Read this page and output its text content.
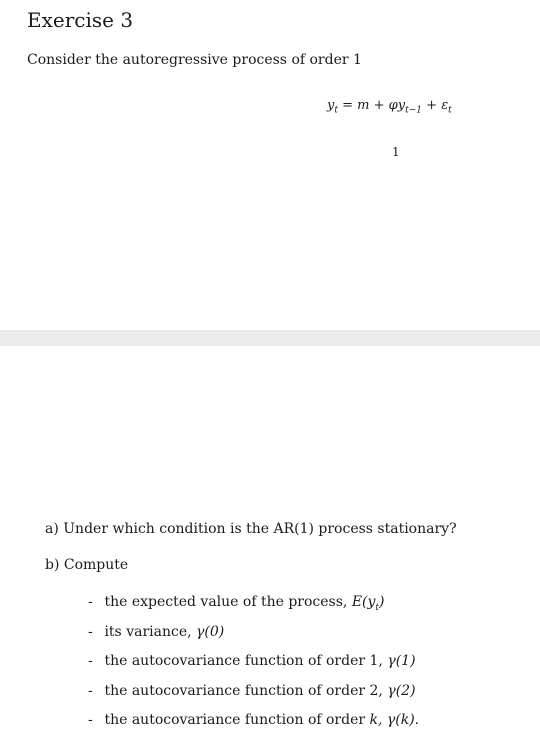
Exercise 3
Consider the autoregressive process of order 1
$y_t = m + \varphi y_{t-1} + \varepsilon_t$
1
a) Under which condition is the AR(1) process stationary?
b) Compute
- the expected value of the process, $E(y_t)$
- its variance, γ(0)
- the autocovariance function of order 1, γ(1)
- the autocovariance function of order 2, γ(2)
- the autocovariance function of order k, γ(k).
